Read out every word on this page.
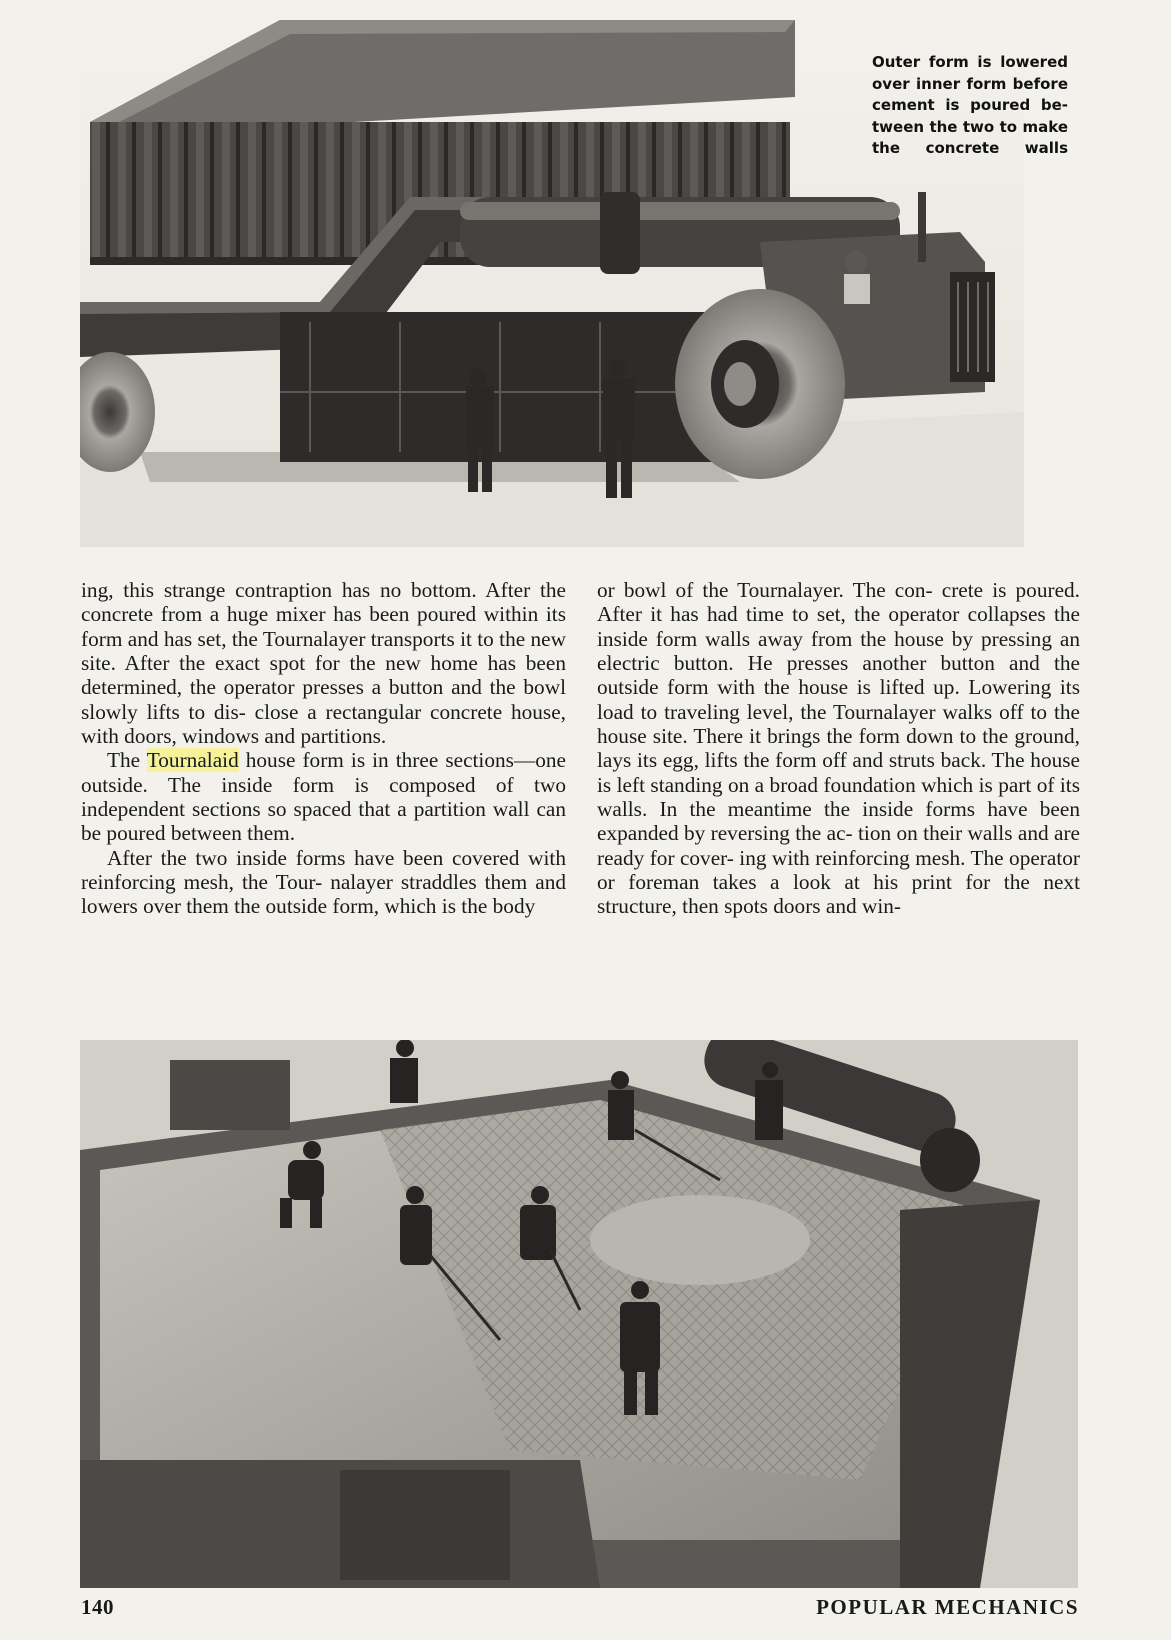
Outer form is lowered over inner form before cement is poured be- tween the two to make the concrete walls

ing, this strange contraption has no bottom. After the concrete from a huge mixer has been poured within its form and has set, the Tournalayer transports it to the new site. After the exact spot for the new home has been determined, the operator presses a button and the bowl slowly lifts to dis- close a rectangular concrete house, with doors, windows and partitions.

The Tournalaid house form is in three sections—one outside. The inside form is composed of two independent sections so spaced that a partition wall can be poured between them.

After the two inside forms have been covered with reinforcing mesh, the Tour- nalayer straddles them and lowers over them the outside form, which is the body

or bowl of the Tournalayer. The con- crete is poured. After it has had time to set, the operator collapses the inside form walls away from the house by pressing an electric button. He presses another button and the outside form with the house is lifted up. Lowering its load to traveling level, the Tournalayer walks off to the house site. There it brings the form down to the ground, lays its egg, lifts the form off and struts back. The house is left standing on a broad foundation which is part of its walls. In the meantime the inside forms have been expanded by reversing the ac- tion on their walls and are ready for cover- ing with reinforcing mesh. The operator or foreman takes a look at his print for the next structure, then spots doors and win-

140	POPULAR MECHANICS
